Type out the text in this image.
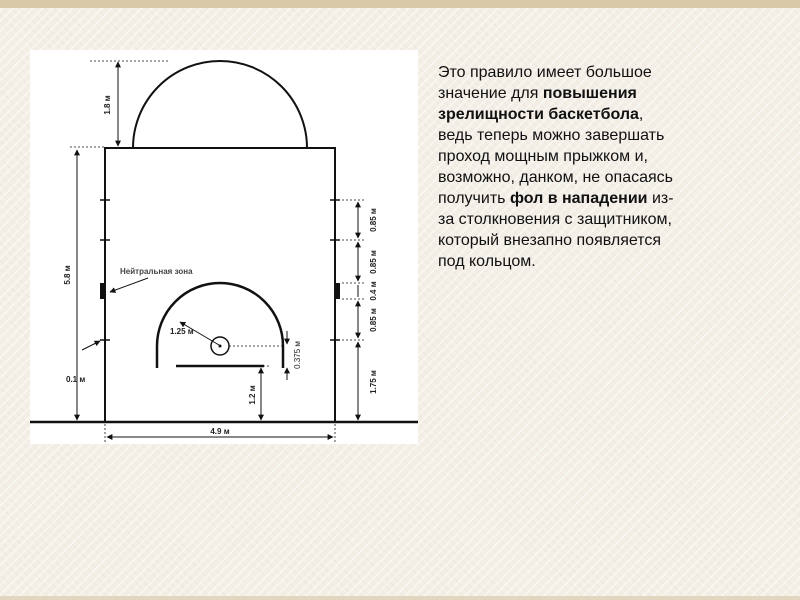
1.8 м
5.8 м
0.1 м
Нейтральная зона
1.25 м
0.375 м
1.2 м
4.9 м
0.85 м
0.85 м
0.4 м
0.85 м
1.75 м
Это правило имеет большое значение для повышения зрелищности баскетбола, ведь теперь можно завершать проход мощным прыжком и, возможно, данком, не опасаясь получить фол в нападении из-за столкновения с защитником, который внезапно появляется под кольцом.
